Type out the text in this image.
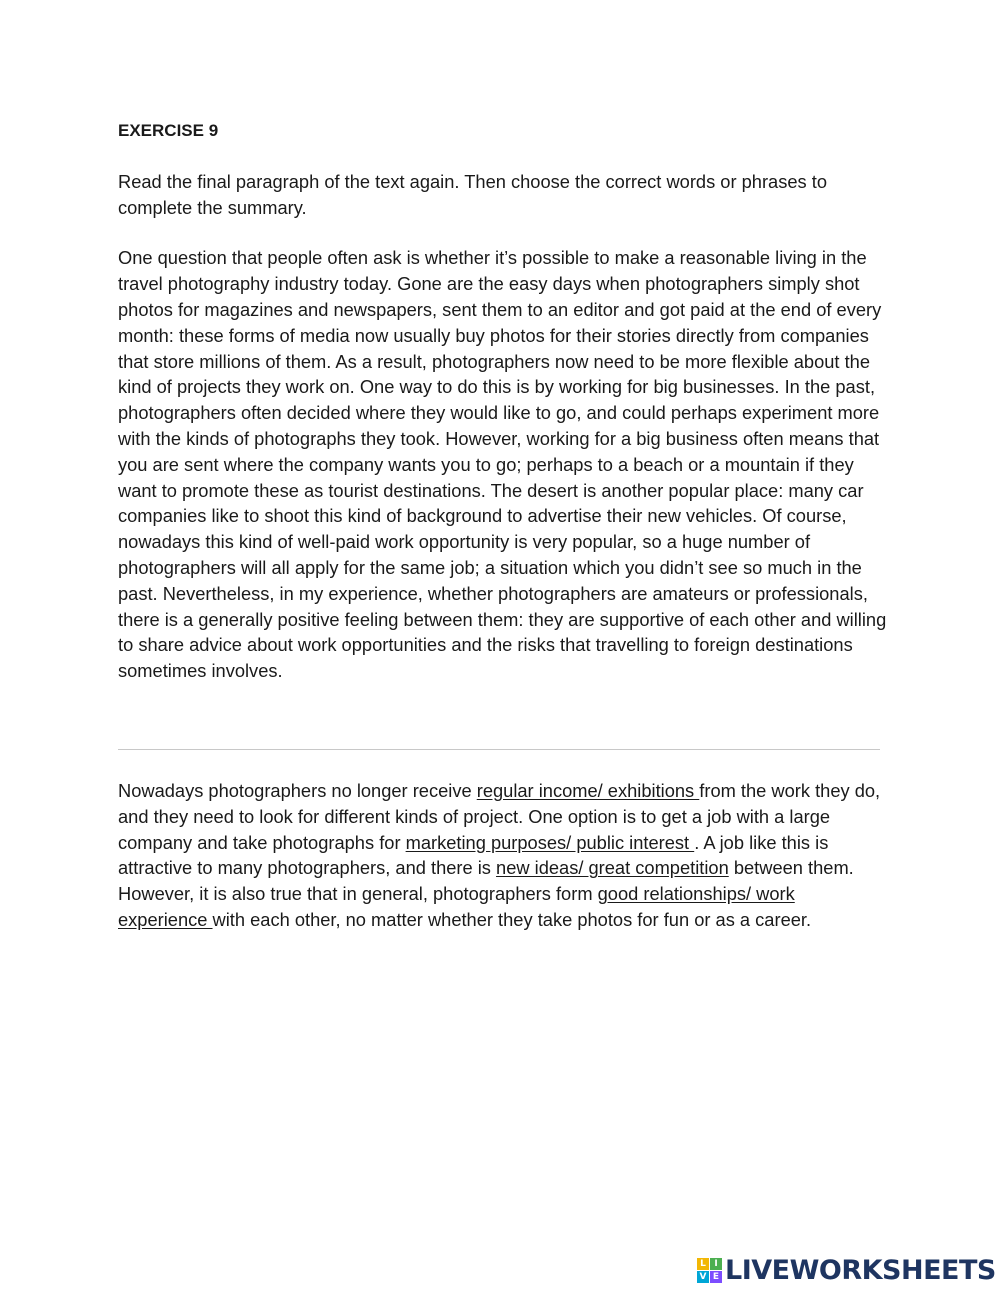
EXERCISE 9

Read the final paragraph of the text again. Then choose the correct words or phrases to complete the summary.

One question that people often ask is whether it’s possible to make a reasonable living in the travel photography industry today. Gone are the easy days when photographers simply shot photos for magazines and newspapers, sent them to an editor and got paid at the end of every month: these forms of media now usually buy photos for their stories directly from companies that store millions of them. As a result, photographers now need to be more flexible about the kind of projects they work on. One way to do this is by working for big businesses. In the past, photographers often decided where they would like to go, and could perhaps experiment more with the kinds of photographs they took. However, working for a big business often means that you are sent where the company wants you to go; perhaps to a beach or a mountain if they want to promote these as tourist destinations. The desert is another popular place: many car companies like to shoot this kind of background to advertise their new vehicles. Of course, nowadays this kind of well-paid work opportunity is very popular, so a huge number of photographers will all apply for the same job; a situation which you didn’t see so much in the past. Nevertheless, in my experience, whether photographers are amateurs or professionals, there is a generally positive feeling between them: they are supportive of each other and willing to share advice about work opportunities and the risks that travelling to foreign destinations sometimes involves.

Nowadays photographers no longer receive regular income/ exhibitions from the work they do, and they need to look for different kinds of project. One option is to get a job with a large company and take photographs for marketing purposes/ public interest . A job like this is attractive to many photographers, and there is new ideas/ great competition between them. However, it is also true that in general, photographers form good relationships/ work experience with each other, no matter whether they take photos for fun or as a career.

L I
V E LIVEWORKSHEETS
